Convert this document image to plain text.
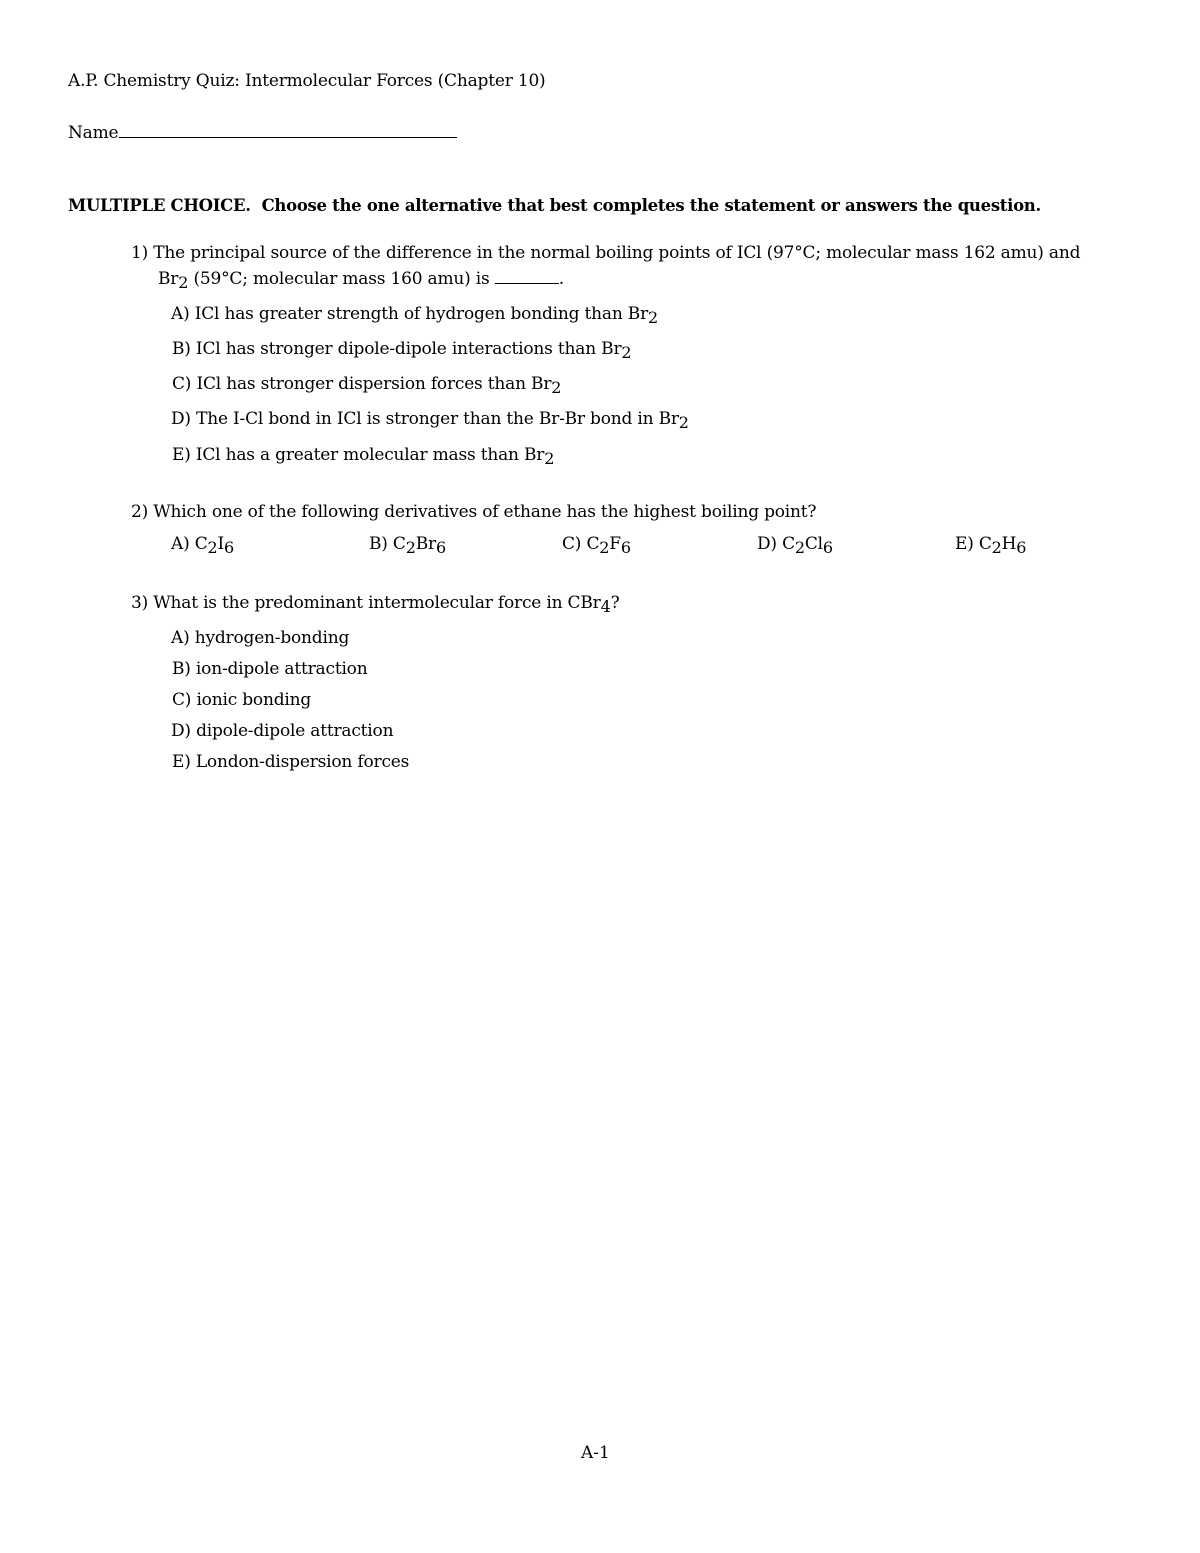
A.P. Chemistry Quiz: Intermolecular Forces (Chapter 10)
Name
MULTIPLE CHOICE. Choose the one alternative that best completes the statement or answers the question.
1) The principal source of the difference in the normal boiling points of ICl (97°C; molecular mass 162 amu) and
$Br_2$ (59°C; molecular mass 160 amu) is	.
A) ICl has greater strength of hydrogen bonding than $Br_2$
B) ICl has stronger dipole-dipole interactions than $Br_2$
C) ICl has stronger dispersion forces than $Br_2$
D) The I-Cl bond in ICl is stronger than the Br-Br bond in $Br_2$
E) ICl has a greater molecular mass than $Br_2$
2) Which one of the following derivatives of ethane has the highest boiling point?
A) $C_2I_6$	B) $C_2Br_6$	C) $C_2F_6$	D) $C_2Cl_6$	E) $C_2H_6$
3) What is the predominant intermolecular force in CBr$_4$?
A) hydrogen-bonding
B) ion-dipole attraction
C) ionic bonding
D) dipole-dipole attraction
E) London-dispersion forces
A-1
